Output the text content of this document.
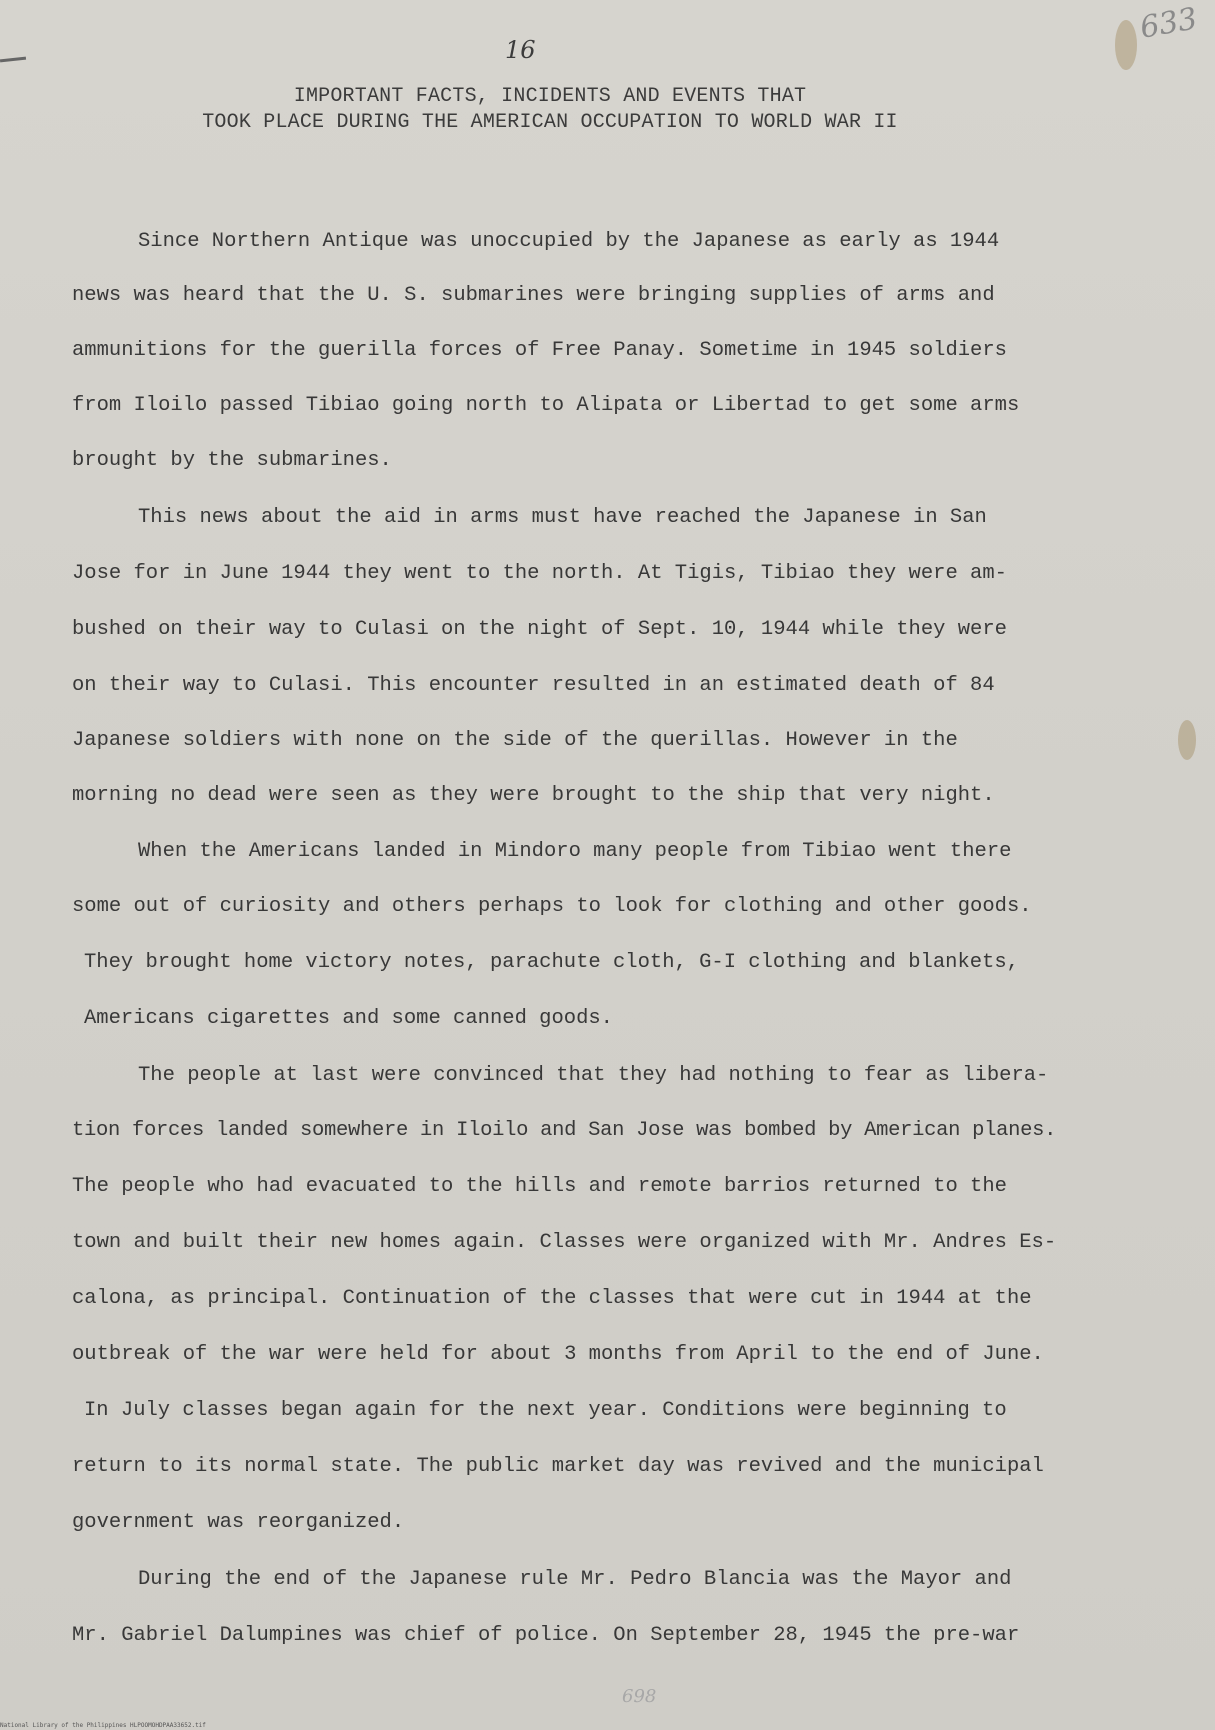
16
633
IMPORTANT FACTS, INCIDENTS AND EVENTS THAT
TOOK PLACE DURING THE AMERICAN OCCUPATION TO WORLD WAR II
Since Northern Antique was unoccupied by the Japanese as early as 1944
news was heard that the U. S. submarines were bringing supplies of arms and
ammunitions for the guerilla forces of Free Panay. Sometime in 1945 soldiers
from Iloilo passed Tibiao going north to Alipata or Libertad to get some arms
brought by the submarines.
This news about the aid in arms must have reached the Japanese in San
Jose for in June 1944 they went to the north. At Tigis, Tibiao they were am-
bushed on their way to Culasi on the night of Sept. 10, 1944 while they were
on their way to Culasi. This encounter resulted in an estimated death of 84
Japanese soldiers with none on the side of the querillas. However in the
morning no dead were seen as they were brought to the ship that very night.
When the Americans landed in Mindoro many people from Tibiao went there
some out of curiosity and others perhaps to look for clothing and other goods.
They brought home victory notes, parachute cloth, G-I clothing and blankets,
Americans cigarettes and some canned goods.
The people at last were convinced that they had nothing to fear as libera-
tion forces landed somewhere in Iloilo and San Jose was bombed by American planes.
The people who had evacuated to the hills and remote barrios returned to the
town and built their new homes again. Classes were organized with Mr. Andres Es-
calona, as principal. Continuation of the classes that were cut in 1944 at the
outbreak of the war were held for about 3 months from April to the end of June.
In July classes began again for the next year. Conditions were beginning to
return to its normal state. The public market day was revived and the municipal
government was reorganized.
During the end of the Japanese rule Mr. Pedro Blancia was the Mayor and
Mr. Gabriel Dalumpines was chief of police. On September 28, 1945 the pre-war
698
National Library of the Philippines HLPOOMOHDPAA33652.tif
